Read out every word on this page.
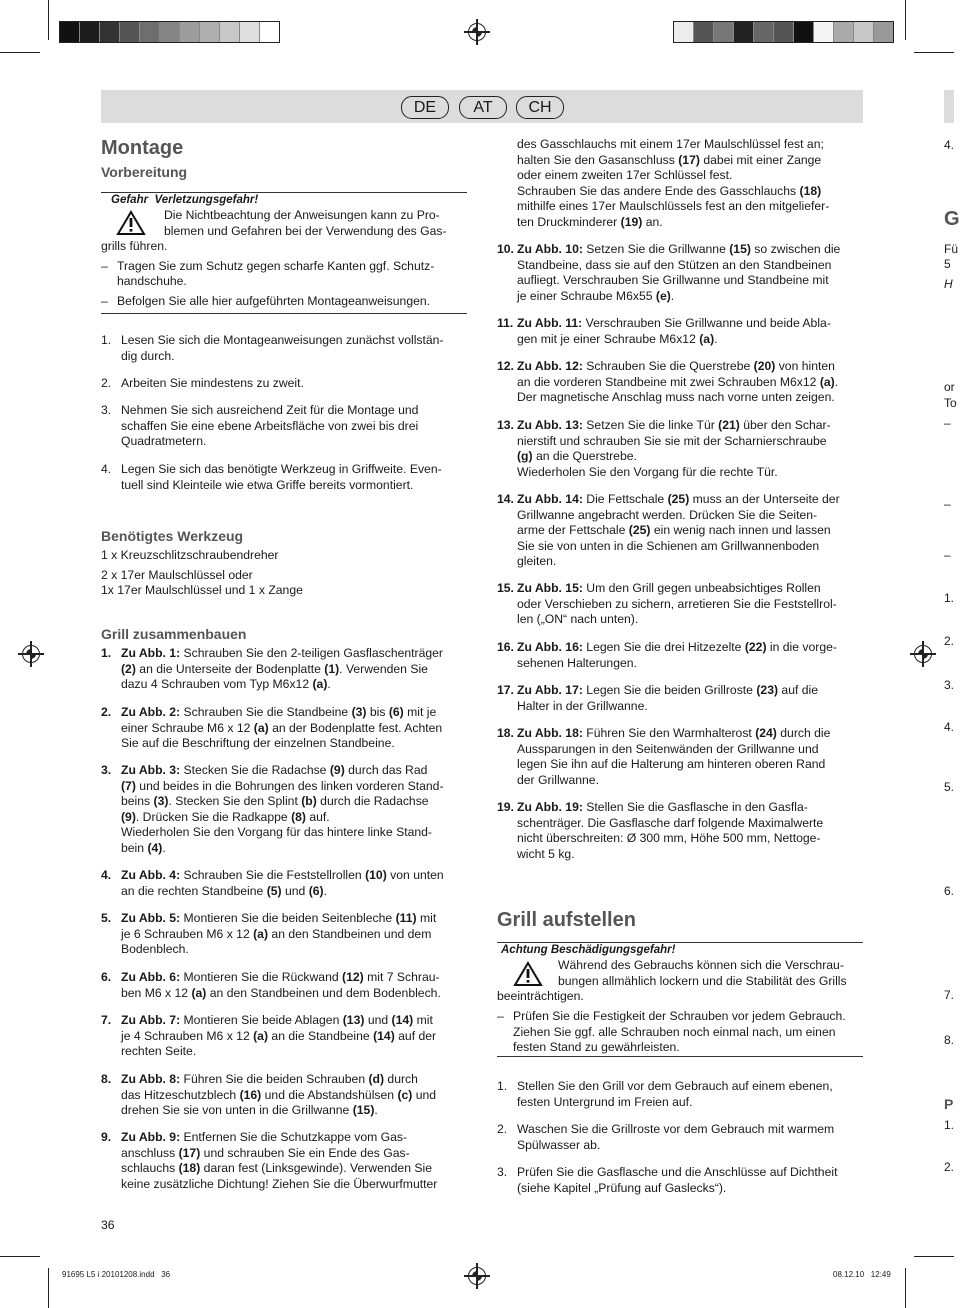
DE	AT	CH
Montage
Vorbereitung
Gefahr  Verletzungsgefahr!
Die Nichtbeachtung der Anweisungen kann zu Pro-
blemen und Gefahren bei der Verwendung des Gas-
grills führen.
– Tragen Sie zum Schutz gegen scharfe Kanten ggf. Schutz-
handschuhe.
– Befolgen Sie alle hier aufgeführten Montageanweisungen.
1. Lesen Sie sich die Montageanweisungen zunächst vollstän-
dig durch.
2. Arbeiten Sie mindestens zu zweit.
3. Nehmen Sie sich ausreichend Zeit für die Montage und
schaffen Sie eine ebene Arbeitsfläche von zwei bis drei
Quadratmetern.
4. Legen Sie sich das benötigte Werkzeug in Griffweite. Even-
tuell sind Kleinteile wie etwa Griffe bereits vormontiert.
Benötigtes Werkzeug
1 x Kreuzschlitzschraubendreher
2 x 17er Maulschlüssel oder
1x 17er Maulschlüssel und 1 x Zange
Grill zusammenbauen
1. Zu Abb. 1: Schrauben Sie den 2-teiligen Gasflaschenträger
(2) an die Unterseite der Bodenplatte (1). Verwenden Sie
dazu 4 Schrauben vom Typ M6x12 (a).
2. Zu Abb. 2: Schrauben Sie die Standbeine (3) bis (6) mit je
einer Schraube M6 x 12 (a) an der Bodenplatte fest. Achten
Sie auf die Beschriftung der einzelnen Standbeine.
3. Zu Abb. 3: Stecken Sie die Radachse (9) durch das Rad
(7) und beides in die Bohrungen des linken vorderen Stand-
beins (3). Stecken Sie den Splint (b) durch die Radachse
(9). Drücken Sie die Radkappe (8) auf.
Wiederholen Sie den Vorgang für das hintere linke Stand-
bein (4).
4. Zu Abb. 4: Schrauben Sie die Feststellrollen (10) von unten
an die rechten Standbeine (5) und (6).
5. Zu Abb. 5: Montieren Sie die beiden Seitenbleche (11) mit
je 6 Schrauben M6 x 12 (a) an den Standbeinen und dem
Bodenblech.
6. Zu Abb. 6: Montieren Sie die Rückwand (12) mit 7 Schrau-
ben M6 x 12 (a) an den Standbeinen und dem Bodenblech.
7. Zu Abb. 7: Montieren Sie beide Ablagen (13) und (14) mit
je 4 Schrauben M6 x 12 (a) an die Standbeine (14) auf der
rechten Seite.
8. Zu Abb. 8: Führen Sie die beiden Schrauben (d) durch
das Hitzeschutzblech (16) und die Abstandshülsen (c) und
drehen Sie sie von unten in die Grillwanne (15).
9. Zu Abb. 9: Entfernen Sie die Schutzkappe vom Gas-
anschluss (17) und schrauben Sie ein Ende des Gas-
schlauchs (18) daran fest (Linksgewinde). Verwenden Sie
keine zusätzliche Dichtung! Ziehen Sie die Überwurfmutter
36
des Gasschlauchs mit einem 17er Maulschlüssel fest an;
halten Sie den Gasanschluss (17) dabei mit einer Zange
oder einem zweiten 17er Schlüssel fest.
Schrauben Sie das andere Ende des Gasschlauchs (18)
mithilfe eines 17er Maulschlüssels fest an den mitgeliefer-
ten Druckminderer (19) an.
10. Zu Abb. 10: Setzen Sie die Grillwanne (15) so zwischen die
Standbeine, dass sie auf den Stützen an den Standbeinen
aufliegt. Verschrauben Sie Grillwanne und Standbeine mit
je einer Schraube M6x55 (e).
11. Zu Abb. 11: Verschrauben Sie Grillwanne und beide Abla-
gen mit je einer Schraube M6x12 (a).
12. Zu Abb. 12: Schrauben Sie die Querstrebe (20) von hinten
an die vorderen Standbeine mit zwei Schrauben M6x12 (a).
Der magnetische Anschlag muss nach vorne unten zeigen.
13. Zu Abb. 13: Setzen Sie die linke Tür (21) über den Schar-
nierstift und schrauben Sie sie mit der Scharnierschraube
(g) an die Querstrebe.
Wiederholen Sie den Vorgang für die rechte Tür.
14. Zu Abb. 14: Die Fettschale (25) muss an der Unterseite der
Grillwanne angebracht werden. Drücken Sie die Seiten-
arme der Fettschale (25) ein wenig nach innen und lassen
Sie sie von unten in die Schienen am Grillwannenboden
gleiten.
15. Zu Abb. 15: Um den Grill gegen unbeabsichtiges Rollen
oder Verschieben zu sichern, arretieren Sie die Feststellrol-
len („ON“ nach unten).
16. Zu Abb. 16: Legen Sie die drei Hitzezelte (22) in die vorge-
sehenen Halterungen.
17. Zu Abb. 17: Legen Sie die beiden Grillroste (23) auf die
Halter in der Grillwanne.
18. Zu Abb. 18: Führen Sie den Warmhalterost (24) durch die
Aussparungen in den Seitenwänden der Grillwanne und
legen Sie ihn auf die Halterung am hinteren oberen Rand
der Grillwanne.
19. Zu Abb. 19: Stellen Sie die Gasflasche in den Gasfla-
schenträger. Die Gasflasche darf folgende Maximalwerte
nicht überschreiten: Ø 300 mm, Höhe 500 mm, Nettoge-
wicht 5 kg.
Grill aufstellen
Achtung Beschädigungsgefahr!
Während des Gebrauchs können sich die Verschrau-
bungen allmählich lockern und die Stabilität des Grills
beeinträchtigen.
– Prüfen Sie die Festigkeit der Schrauben vor jedem Gebrauch.
Ziehen Sie ggf. alle Schrauben noch einmal nach, um einen
festen Stand zu gewährleisten.
1. Stellen Sie den Grill vor dem Gebrauch auf einem ebenen,
festen Untergrund im Freien auf.
2. Waschen Sie die Grillroste vor dem Gebrauch mit warmem
Spülwasser ab.
3. Prüfen Sie die Gasflasche und die Anschlüsse auf Dichtheit
(siehe Kapitel „Prüfung auf Gaslecks“).
4.
G
Fü
5
H
or
To
–
–
–
1.
2.
3.
4.
5.
6.
7.
8.
P
1.
2.
91695 L5 i 20101208.indd   36	08.12.10   12:49
